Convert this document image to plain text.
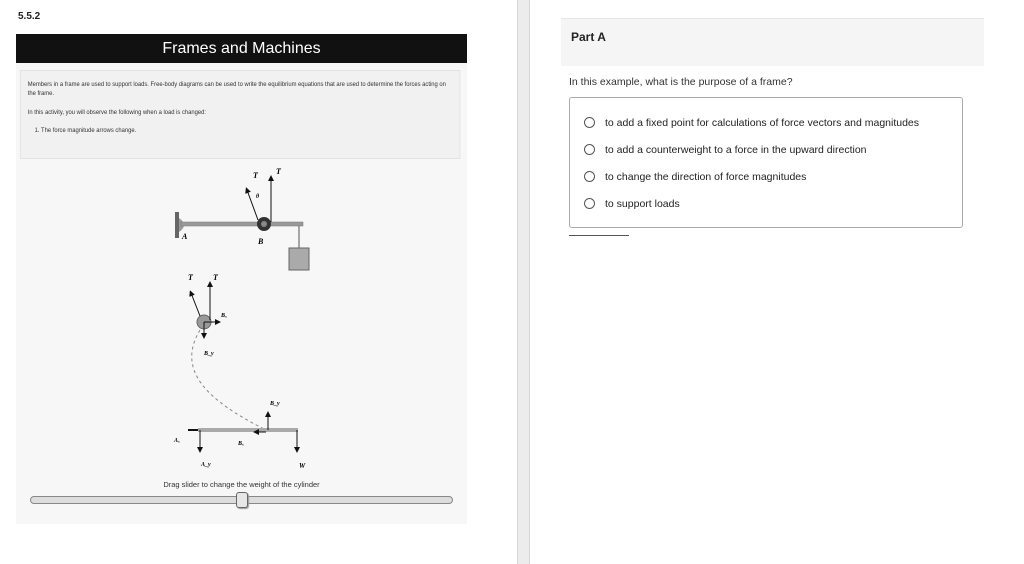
5.5.2
Frames and Machines

Members in a frame are used to support loads. Free-body diagrams can be used to write the equilibrium equations that are used to determine the forces acting on the frame.

In this activity, you will observe the following when a load is changed:

1. The force magnitude arrows change.

T T
θ
A
B
T	T
Bₓ
B_y
Aₓ
A_y
Bₓ
B_y
W
Drag slider to change the weight of the cylinder
Part A
In this example, what is the purpose of a frame?
to add a fixed point for calculations of force vectors and magnitudes
to add a counterweight to a force in the upward direction
to change the direction of force magnitudes
to support loads
